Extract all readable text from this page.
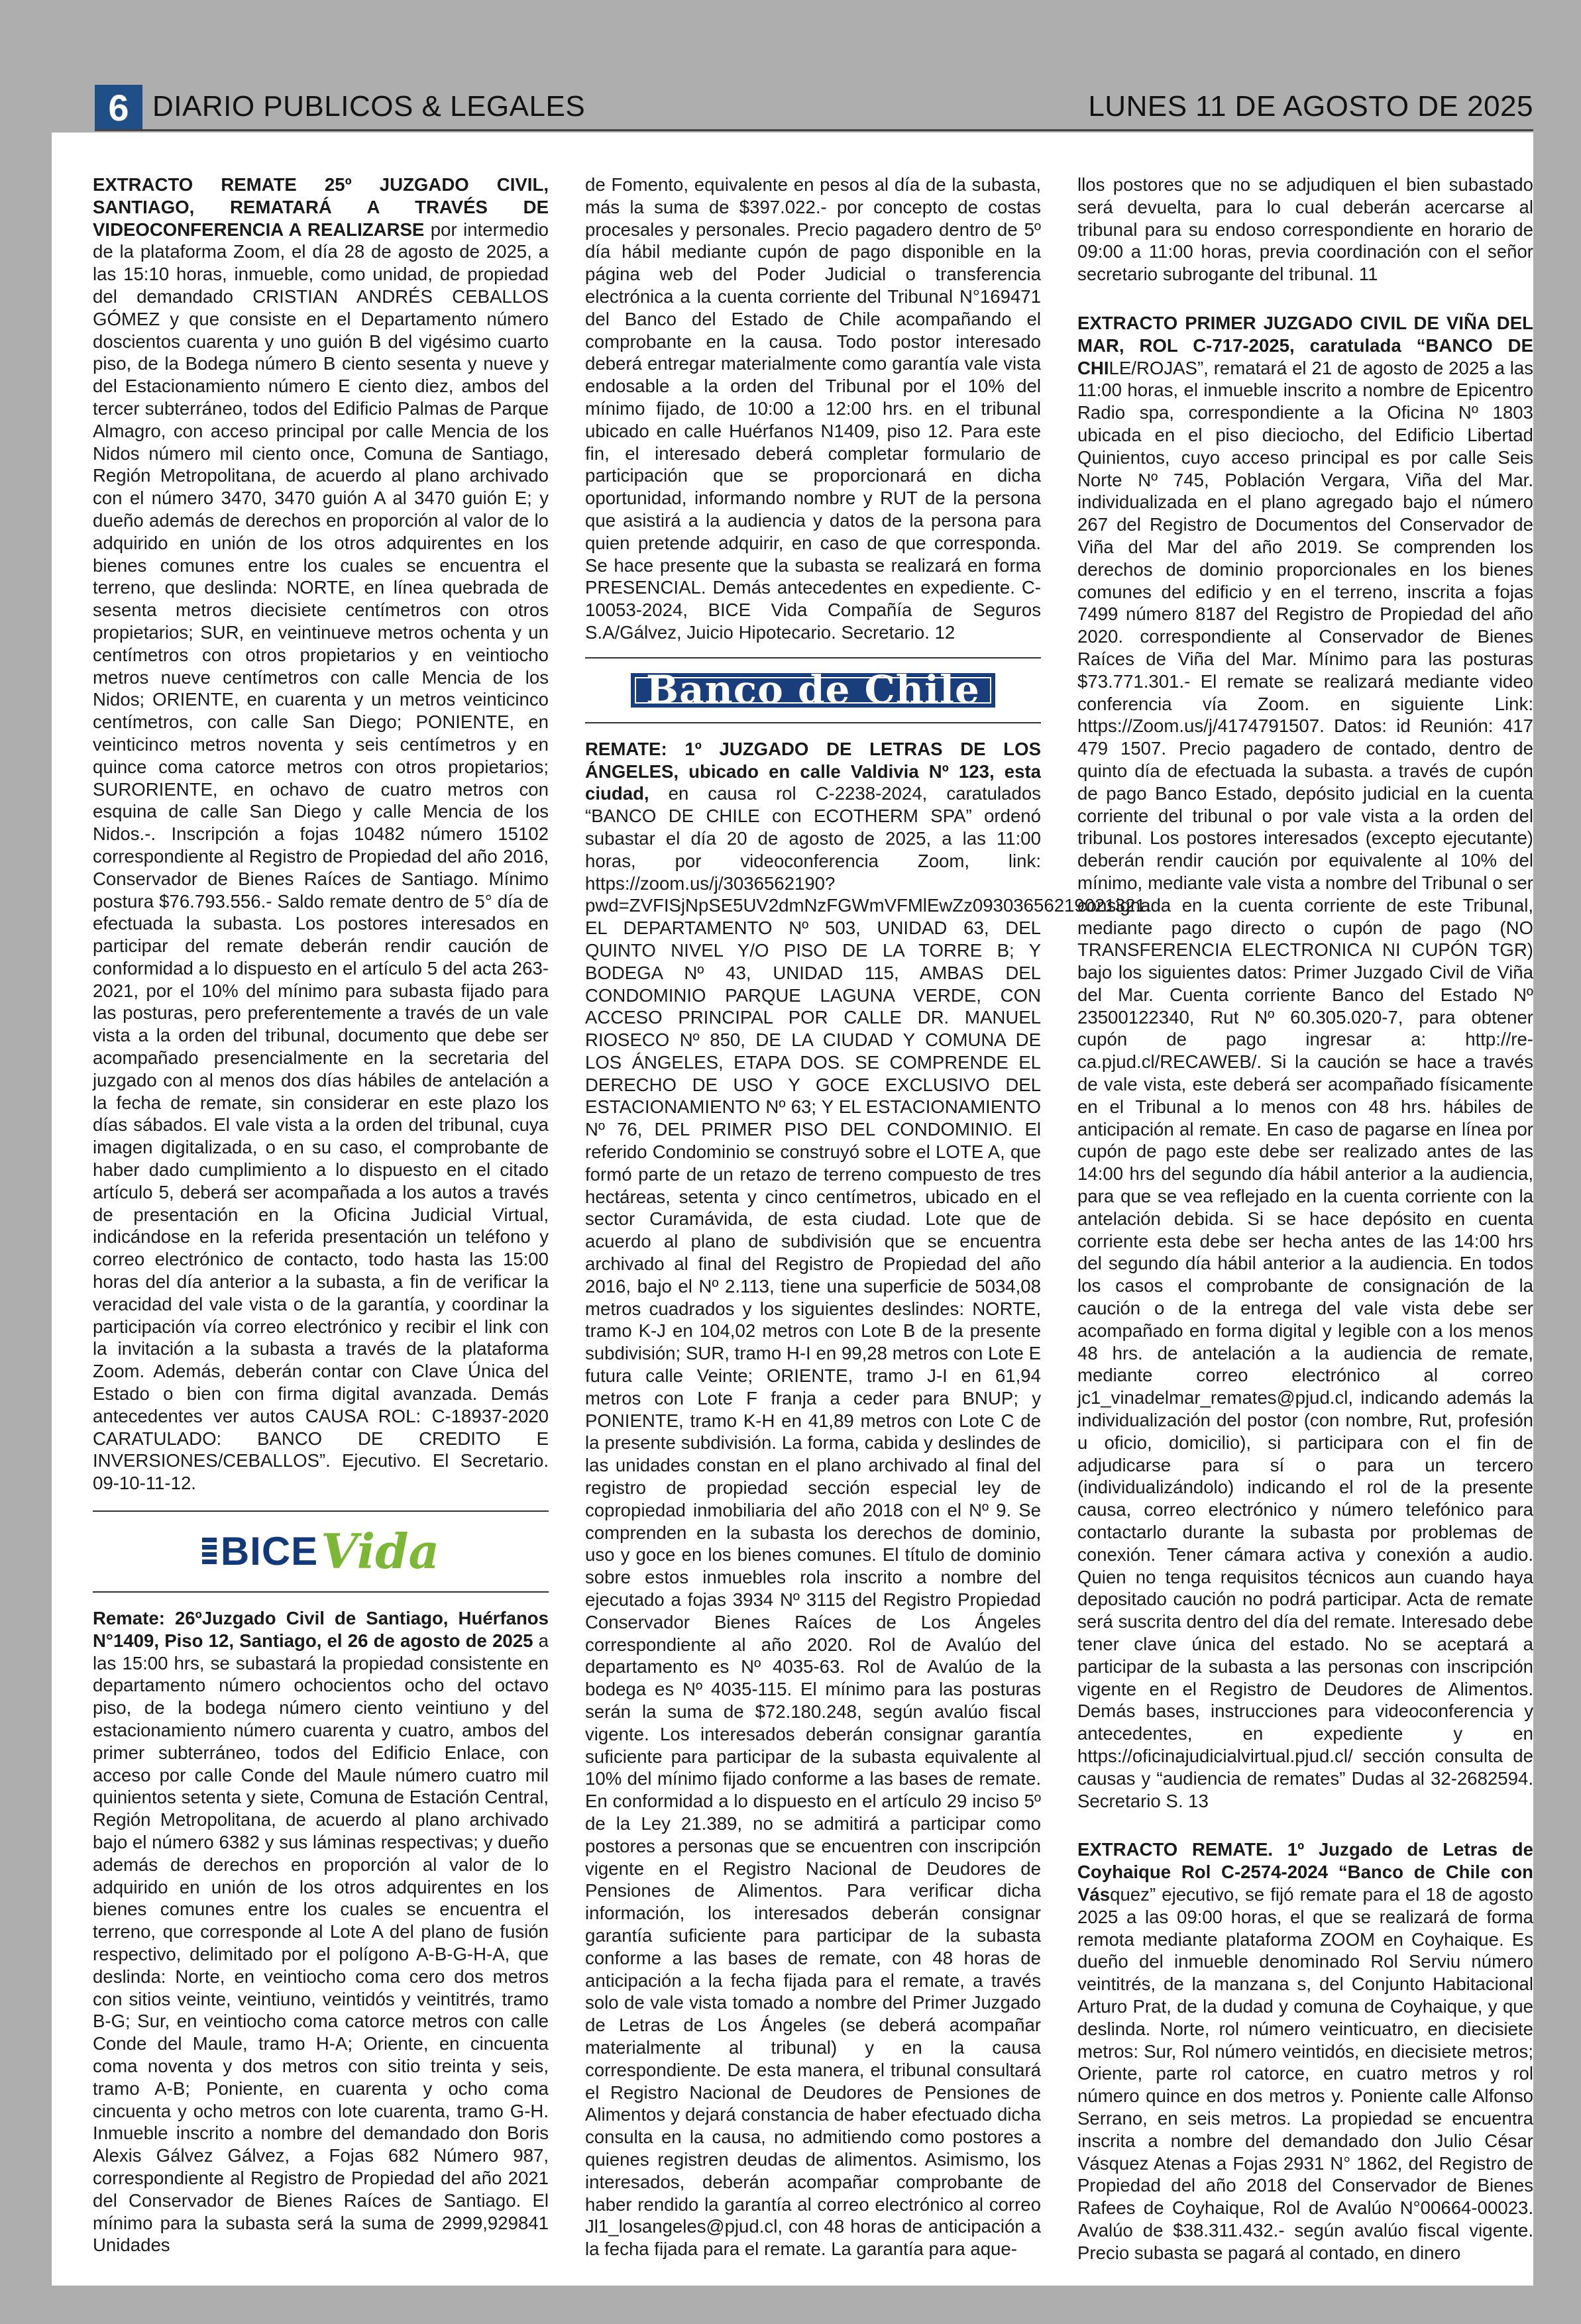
6 DIARIO PUBLICOS & LEGALES	LUNES 11 DE AGOSTO DE 2025

EXTRACTO REMATE 25º JUZGADO CIVIL, SANTIAGO, REMATARÁ A TRAVÉS DE VIDEOCONFERENCIA A REALIZARSE por intermedio de la plataforma Zoom, el día 28 de agosto de 2025, a las 15:10 horas, inmueble, como unidad, de propiedad del demandado CRISTIAN ANDRÉS CEBALLOS GÓMEZ y que consiste en el Departamento número doscientos cuarenta y uno guión B del vigésimo cuarto piso, de la Bodega número B ciento sesenta y nueve y del Estacionamiento número E ciento diez, ambos del tercer subterráneo, todos del Edificio Palmas de Parque Almagro, con acceso principal por calle Mencia de los Nidos número mil ciento once, Comuna de Santiago, Región Metropolitana, de acuerdo al plano archivado con el número 3470, 3470 guión A al 3470 guión E; y dueño además de derechos en proporción al valor de lo adquirido en unión de los otros adquirentes en los bienes comunes entre los cuales se encuentra el terreno, que deslinda: NORTE, en línea quebrada de sesenta metros diecisiete centímetros con otros propietarios; SUR, en veintinueve metros ochenta y un centímetros con otros propietarios y en veintiocho metros nueve centímetros con calle Mencia de los Nidos; ORIENTE, en cuarenta y un metros veinticinco centímetros, con calle San Diego; PONIENTE, en veinticinco metros noventa y seis centímetros y en quince coma catorce metros con otros propietarios; SURORIENTE, en ochavo de cuatro metros con esquina de calle San Diego y calle Mencia de los Nidos.-. Inscripción a fojas 10482 número 15102 correspondiente al Registro de Propiedad del año 2016, Conservador de Bienes Raíces de Santiago. Mínimo postura $76.793.556.- Saldo remate dentro de 5° día de efectuada la subasta. Los postores interesados en participar del remate deberán rendir caución de conformidad a lo dispuesto en el artículo 5 del acta 263-2021, por el 10% del mínimo para subasta fijado para las posturas, pero preferentemente a través de un vale vista a la orden del tribunal, documento que debe ser acompañado presencialmente en la secretaria del juzgado con al menos dos días hábiles de antelación a la fecha de remate, sin considerar en este plazo los días sábados. El vale vista a la orden del tribunal, cuya imagen digitalizada, o en su caso, el comprobante de haber dado cumplimiento a lo dispuesto en el citado artículo 5, deberá ser acompañada a los autos a través de presentación en la Oficina Judicial Virtual, indicándose en la referida presentación un teléfono y correo electrónico de contacto, todo hasta las 15:00 horas del día anterior a la subasta, a fin de verificar la veracidad del vale vista o de la garantía, y coordinar la participación vía correo electrónico y recibir el link con la invitación a la subasta a través de la plataforma Zoom. Además, deberán contar con Clave Única del Estado o bien con firma digital avanzada. Demás antecedentes ver autos CAUSA ROL: C-18937-2020 CARATULADO: BANCO DE CREDITO E INVERSIONES/CEBALLOS”. Ejecutivo. El Secretario. 09-10-11-12.

BICE Vida

Remate: 26ºJuzgado Civil de Santiago, Huérfanos N°1409, Piso 12, Santiago, el 26 de agosto de 2025 a las 15:00 hrs, se subastará la propiedad consistente en departamento número ochocientos ocho del octavo piso, de la bodega número ciento veintiuno y del estacionamiento número cuarenta y cuatro, ambos del primer subterráneo, todos del Edificio Enlace, con acceso por calle Conde del Maule número cuatro mil quinientos setenta y siete, Comuna de Estación Central, Región Metropolitana, de acuerdo al plano archivado bajo el número 6382 y sus láminas respectivas; y dueño además de derechos en proporción al valor de lo adquirido en unión de los otros adquirentes en los bienes comunes entre los cuales se encuentra el terreno, que corresponde al Lote A del plano de fusión respectivo, delimitado por el polígono A-B-G-H-A, que deslinda: Norte, en veintiocho coma cero dos metros con sitios veinte, veintiuno, veintidós y veintitrés, tramo B-G; Sur, en veintiocho coma catorce metros con calle Conde del Maule, tramo H-A; Oriente, en cincuenta coma noventa y dos metros con sitio treinta y seis, tramo A-B; Poniente, en cuarenta y ocho coma cincuenta y ocho metros con lote cuarenta, tramo G-H. Inmueble inscrito a nombre del demandado don Boris Alexis Gálvez Gálvez, a Fojas 682 Número 987, correspondiente al Registro de Propiedad del año 2021 del Conservador de Bienes Raíces de Santiago. El mínimo para la subasta será la suma de 2999,929841 Unidades

de Fomento, equivalente en pesos al día de la subasta, más la suma de $397.022.- por concepto de costas procesales y personales. Precio pagadero dentro de 5º día hábil mediante cupón de pago disponible en la página web del Poder Judicial o transferencia electrónica a la cuenta corriente del Tribunal N°169471 del Banco del Estado de Chile acompañando el comprobante en la causa. Todo postor interesado deberá entregar materialmente como garantía vale vista endosable a la orden del Tribunal por el 10% del mínimo fijado, de 10:00 a 12:00 hrs. en el tribunal ubicado en calle Huérfanos N1409, piso 12. Para este fin, el interesado deberá completar formulario de participación que se proporcionará en dicha oportunidad, informando nombre y RUT de la persona que asistirá a la audiencia y datos de la persona para quien pretende adquirir, en caso de que corresponda. Se hace presente que la subasta se realizará en forma PRESENCIAL. Demás antecedentes en expediente. C-10053-2024, BICE Vida Compañía de Seguros S.A/Gálvez, Juicio Hipotecario. Secretario. 12

Banco de Chile

REMATE: 1º JUZGADO DE LETRAS DE LOS ÁNGELES, ubicado en calle Valdivia Nº 123, esta ciudad, en causa rol C-2238-2024, caratulados “BANCO DE CHILE con ECOTHERM SPA” ordenó subastar el día 20 de agosto de 2025, a las 11:00 horas, por videoconferencia Zoom, link: https://zoom.us/j/3036562190?pwd=ZVFISjNpSE5UV2dmNzFGWmVFMlEwZz09303656219021321. EL DEPARTAMENTO Nº 503, UNIDAD 63, DEL QUINTO NIVEL Y/O PISO DE LA TORRE B; Y BODEGA Nº 43, UNIDAD 115, AMBAS DEL CONDOMINIO PARQUE LAGUNA VERDE, CON ACCESO PRINCIPAL POR CALLE DR. MANUEL RIOSECO Nº 850, DE LA CIUDAD Y COMUNA DE LOS ÁNGELES, ETAPA DOS. SE COMPRENDE EL DERECHO DE USO Y GOCE EXCLUSIVO DEL ESTACIONAMIENTO Nº 63; Y EL ESTACIONAMIENTO Nº 76, DEL PRIMER PISO DEL CONDOMINIO. El referido Condominio se construyó sobre el LOTE A, que formó parte de un retazo de terreno compuesto de tres hectáreas, setenta y cinco centímetros, ubicado en el sector Curamávida, de esta ciudad. Lote que de acuerdo al plano de subdivisión que se encuentra archivado al final del Registro de Propiedad del año 2016, bajo el Nº 2.113, tiene una superficie de 5034,08 metros cuadrados y los siguientes deslindes: NORTE, tramo K-J en 104,02 metros con Lote B de la presente subdivisión; SUR, tramo H-I en 99,28 metros con Lote E futura calle Veinte; ORIENTE, tramo J-I en 61,94 metros con Lote F franja a ceder para BNUP; y PONIENTE, tramo K-H en 41,89 metros con Lote C de la presente subdivisión. La forma, cabida y deslindes de las unidades constan en el plano archivado al final del registro de propiedad sección especial ley de copropiedad inmobiliaria del año 2018 con el Nº 9. Se comprenden en la subasta los derechos de dominio, uso y goce en los bienes comunes. El título de dominio sobre estos inmuebles rola inscrito a nombre del ejecutado a fojas 3934 Nº 3115 del Registro Propiedad Conservador Bienes Raíces de Los Ángeles correspondiente al año 2020. Rol de Avalúo del departamento es Nº 4035-63. Rol de Avalúo de la bodega es Nº 4035-115. El mínimo para las posturas serán la suma de $72.180.248, según avalúo fiscal vigente. Los interesados deberán consignar garantía suficiente para participar de la subasta equivalente al 10% del mínimo fijado conforme a las bases de remate. En conformidad a lo dispuesto en el artículo 29 inciso 5º de la Ley 21.389, no se admitirá a participar como postores a personas que se encuentren con inscripción vigente en el Registro Nacional de Deudores de Pensiones de Alimentos. Para verificar dicha información, los interesados deberán consignar garantía suficiente para participar de la subasta conforme a las bases de remate, con 48 horas de anticipación a la fecha fijada para el remate, a través solo de vale vista tomado a nombre del Primer Juzgado de Letras de Los Ángeles (se deberá acompañar materialmente al tribunal) y en la causa correspondiente. De esta manera, el tribunal consultará el Registro Nacional de Deudores de Pensiones de Alimentos y dejará constancia de haber efectuado dicha consulta en la causa, no admitiendo como postores a quienes registren deudas de alimentos. Asimismo, los interesados, deberán acompañar comprobante de haber rendido la garantía al correo electrónico al correo Jl1_losangeles@pjud.cl, con 48 horas de anticipación a la fecha fijada para el remate. La garantía para aque-

llos postores que no se adjudiquen el bien subastado será devuelta, para lo cual deberán acercarse al tribunal para su endoso correspondiente en horario de 09:00 a 11:00 horas, previa coordinación con el señor secretario subrogante del tribunal. 11

EXTRACTO PRIMER JUZGADO CIVIL DE VIÑA DEL MAR, ROL C-717-2025, caratulada “BANCO DE CHILE/ROJAS”, rematará el 21 de agosto de 2025 a las 11:00 horas, el inmueble inscrito a nombre de Epicentro Radio spa, correspondiente a la Oficina Nº 1803 ubicada en el piso dieciocho, del Edificio Libertad Quinientos, cuyo acceso principal es por calle Seis Norte Nº 745, Población Vergara, Viña del Mar. individualizada en el plano agregado bajo el número 267 del Registro de Documentos del Conservador de Viña del Mar del año 2019. Se comprenden los derechos de dominio proporcionales en los bienes comunes del edificio y en el terreno, inscrita a fojas 7499 número 8187 del Registro de Propiedad del año 2020. correspondiente al Conservador de Bienes Raíces de Viña del Mar. Mínimo para las posturas $73.771.301.- El remate se realizará mediante video conferencia vía Zoom. en siguiente Link: https://Zoom.us/j/4174791507. Datos: id Reunión: 417 479 1507. Precio pagadero de contado, dentro de quinto día de efectuada la subasta. a través de cupón de pago Banco Estado, depósito judicial en la cuenta corriente del tribunal o por vale vista a la orden del tribunal. Los postores interesados (excepto ejecutante) deberán rendir caución por equivalente al 10% del mínimo, mediante vale vista a nombre del Tribunal o ser consignada en la cuenta corriente de este Tribunal, mediante pago directo o cupón de pago (NO TRANSFERENCIA ELECTRONICA NI CUPÓN TGR) bajo los siguientes datos: Primer Juzgado Civil de Viña del Mar. Cuenta corriente Banco del Estado Nº 23500122340, Rut Nº 60.305.020-7, para obtener cupón de pago ingresar a: http://re-ca.pjud.cl/RECAWEB/. Si la caución se hace a través de vale vista, este deberá ser acompañado físicamente en el Tribunal a lo menos con 48 hrs. hábiles de anticipación al remate. En caso de pagarse en línea por cupón de pago este debe ser realizado antes de las 14:00 hrs del segundo día hábil anterior a la audiencia, para que se vea reflejado en la cuenta corriente con la antelación debida. Si se hace depósito en cuenta corriente esta debe ser hecha antes de las 14:00 hrs del segundo día hábil anterior a la audiencia. En todos los casos el comprobante de consignación de la caución o de la entrega del vale vista debe ser acompañado en forma digital y legible con a los menos 48 hrs. de antelación a la audiencia de remate, mediante correo electrónico al correo jc1_vinadelmar_remates@pjud.cl, indicando además la individualización del postor (con nombre, Rut, profesión u oficio, domicilio), si participara con el fin de adjudicarse para sí o para un tercero (individualizándolo) indicando el rol de la presente causa, correo electrónico y número telefónico para contactarlo durante la subasta por problemas de conexión. Tener cámara activa y conexión a audio. Quien no tenga requisitos técnicos aun cuando haya depositado caución no podrá participar. Acta de remate será suscrita dentro del día del remate. Interesado debe tener clave única del estado. No se aceptará a participar de la subasta a las personas con inscripción vigente en el Registro de Deudores de Alimentos. Demás bases, instrucciones para videoconferencia y antecedentes, en expediente y en https://oficinajudicialvirtual.pjud.cl/ sección consulta de causas y “audiencia de remates” Dudas al 32-2682594. Secretario S. 13

EXTRACTO REMATE. 1º Juzgado de Letras de Coyhaique Rol C-2574-2024 “Banco de Chile con Vásquez” ejecutivo, se fijó remate para el 18 de agosto 2025 a las 09:00 horas, el que se realizará de forma remota mediante plataforma ZOOM en Coyhaique. Es dueño del inmueble denominado Rol Serviu número veintitrés, de la manzana s, del Conjunto Habitacional Arturo Prat, de la dudad y comuna de Coyhaique, y que deslinda. Norte, rol número veinticuatro, en diecisiete metros: Sur, Rol número veintidós, en diecisiete metros; Oriente, parte rol catorce, en cuatro metros y rol número quince en dos metros y. Poniente calle Alfonso Serrano, en seis metros. La propiedad se encuentra inscrita a nombre del demandado don Julio César Vásquez Atenas a Fojas 2931 N° 1862, del Registro de Propiedad del año 2018 del Conservador de Bienes Rafees de Coyhaique, Rol de Avalúo N°00664-00023. Avalúo de $38.311.432.- según avalúo fiscal vigente. Precio subasta se pagará al contado, en dinero
